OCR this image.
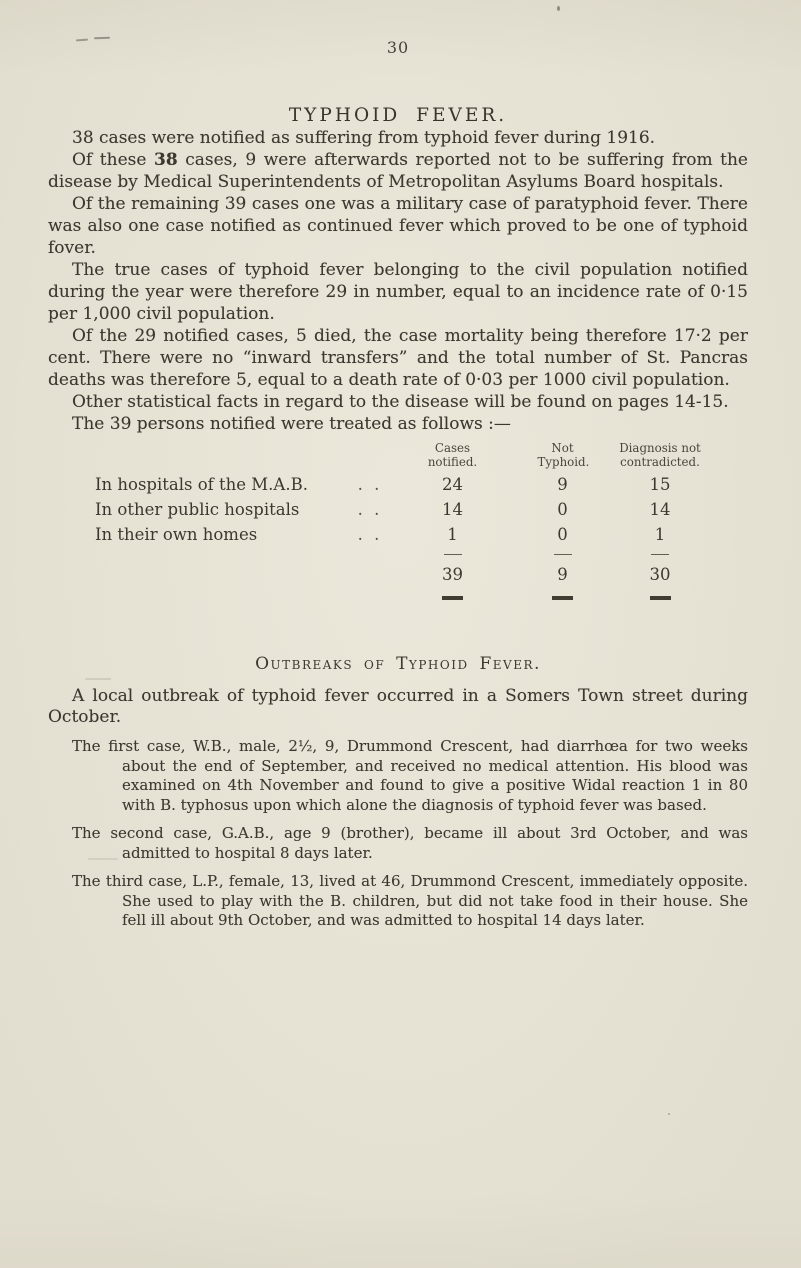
30
TYPHOID FEVER.

38 cases were notified as suffering from typhoid fever during 1916.

Of these 38 cases, 9 were afterwards reported not to be suffering from the disease by Medical Superintendents of Metropolitan Asylums Board hospitals.

Of the remaining 39 cases one was a military case of paratyphoid fever. There was also one case notified as continued fever which proved to be one of typhoid fover.

The true cases of typhoid fever belonging to the civil population notified during the year were therefore 29 in number, equal to an incidence rate of 0·15 per 1,000 civil population.

Of the 29 notified cases, 5 died, the case mortality being therefore 17·2 per cent. There were no “inward transfers” and the total number of St. Pancras deaths was therefore 5, equal to a death rate of 0·03 per 1000 civil population.

Other statistical facts in regard to the disease will be found on pages 14-15.

The 39 persons notified were treated as follows :—

Cases notified.
Not Typhoid.
Diagnosis not contradicted.
In hospitals of the M.A.B.	. .	24	9	15
In other public hospitals	. .	14	0	14
In their own homes	. .	1	0	1
39	9	30
Outbreaks of Typhoid Fever.

A local outbreak of typhoid fever occurred in a Somers Town street during October.

The first case, W.B., male, 2½, 9, Drummond Crescent, had diarrhœa for two weeks about the end of September, and received no medical attention. His blood was examined on 4th November and found to give a positive Widal reaction 1 in 80 with B. typhosus upon which alone the diagnosis of typhoid fever was based.

The second case, G.A.B., age 9 (brother), became ill about 3rd October, and was admitted to hospital 8 days later.

The third case, L.P., female, 13, lived at 46, Drummond Crescent, immediately opposite. She used to play with the B. children, but did not take food in their house. She fell ill about 9th October, and was admitted to hospital 14 days later.
